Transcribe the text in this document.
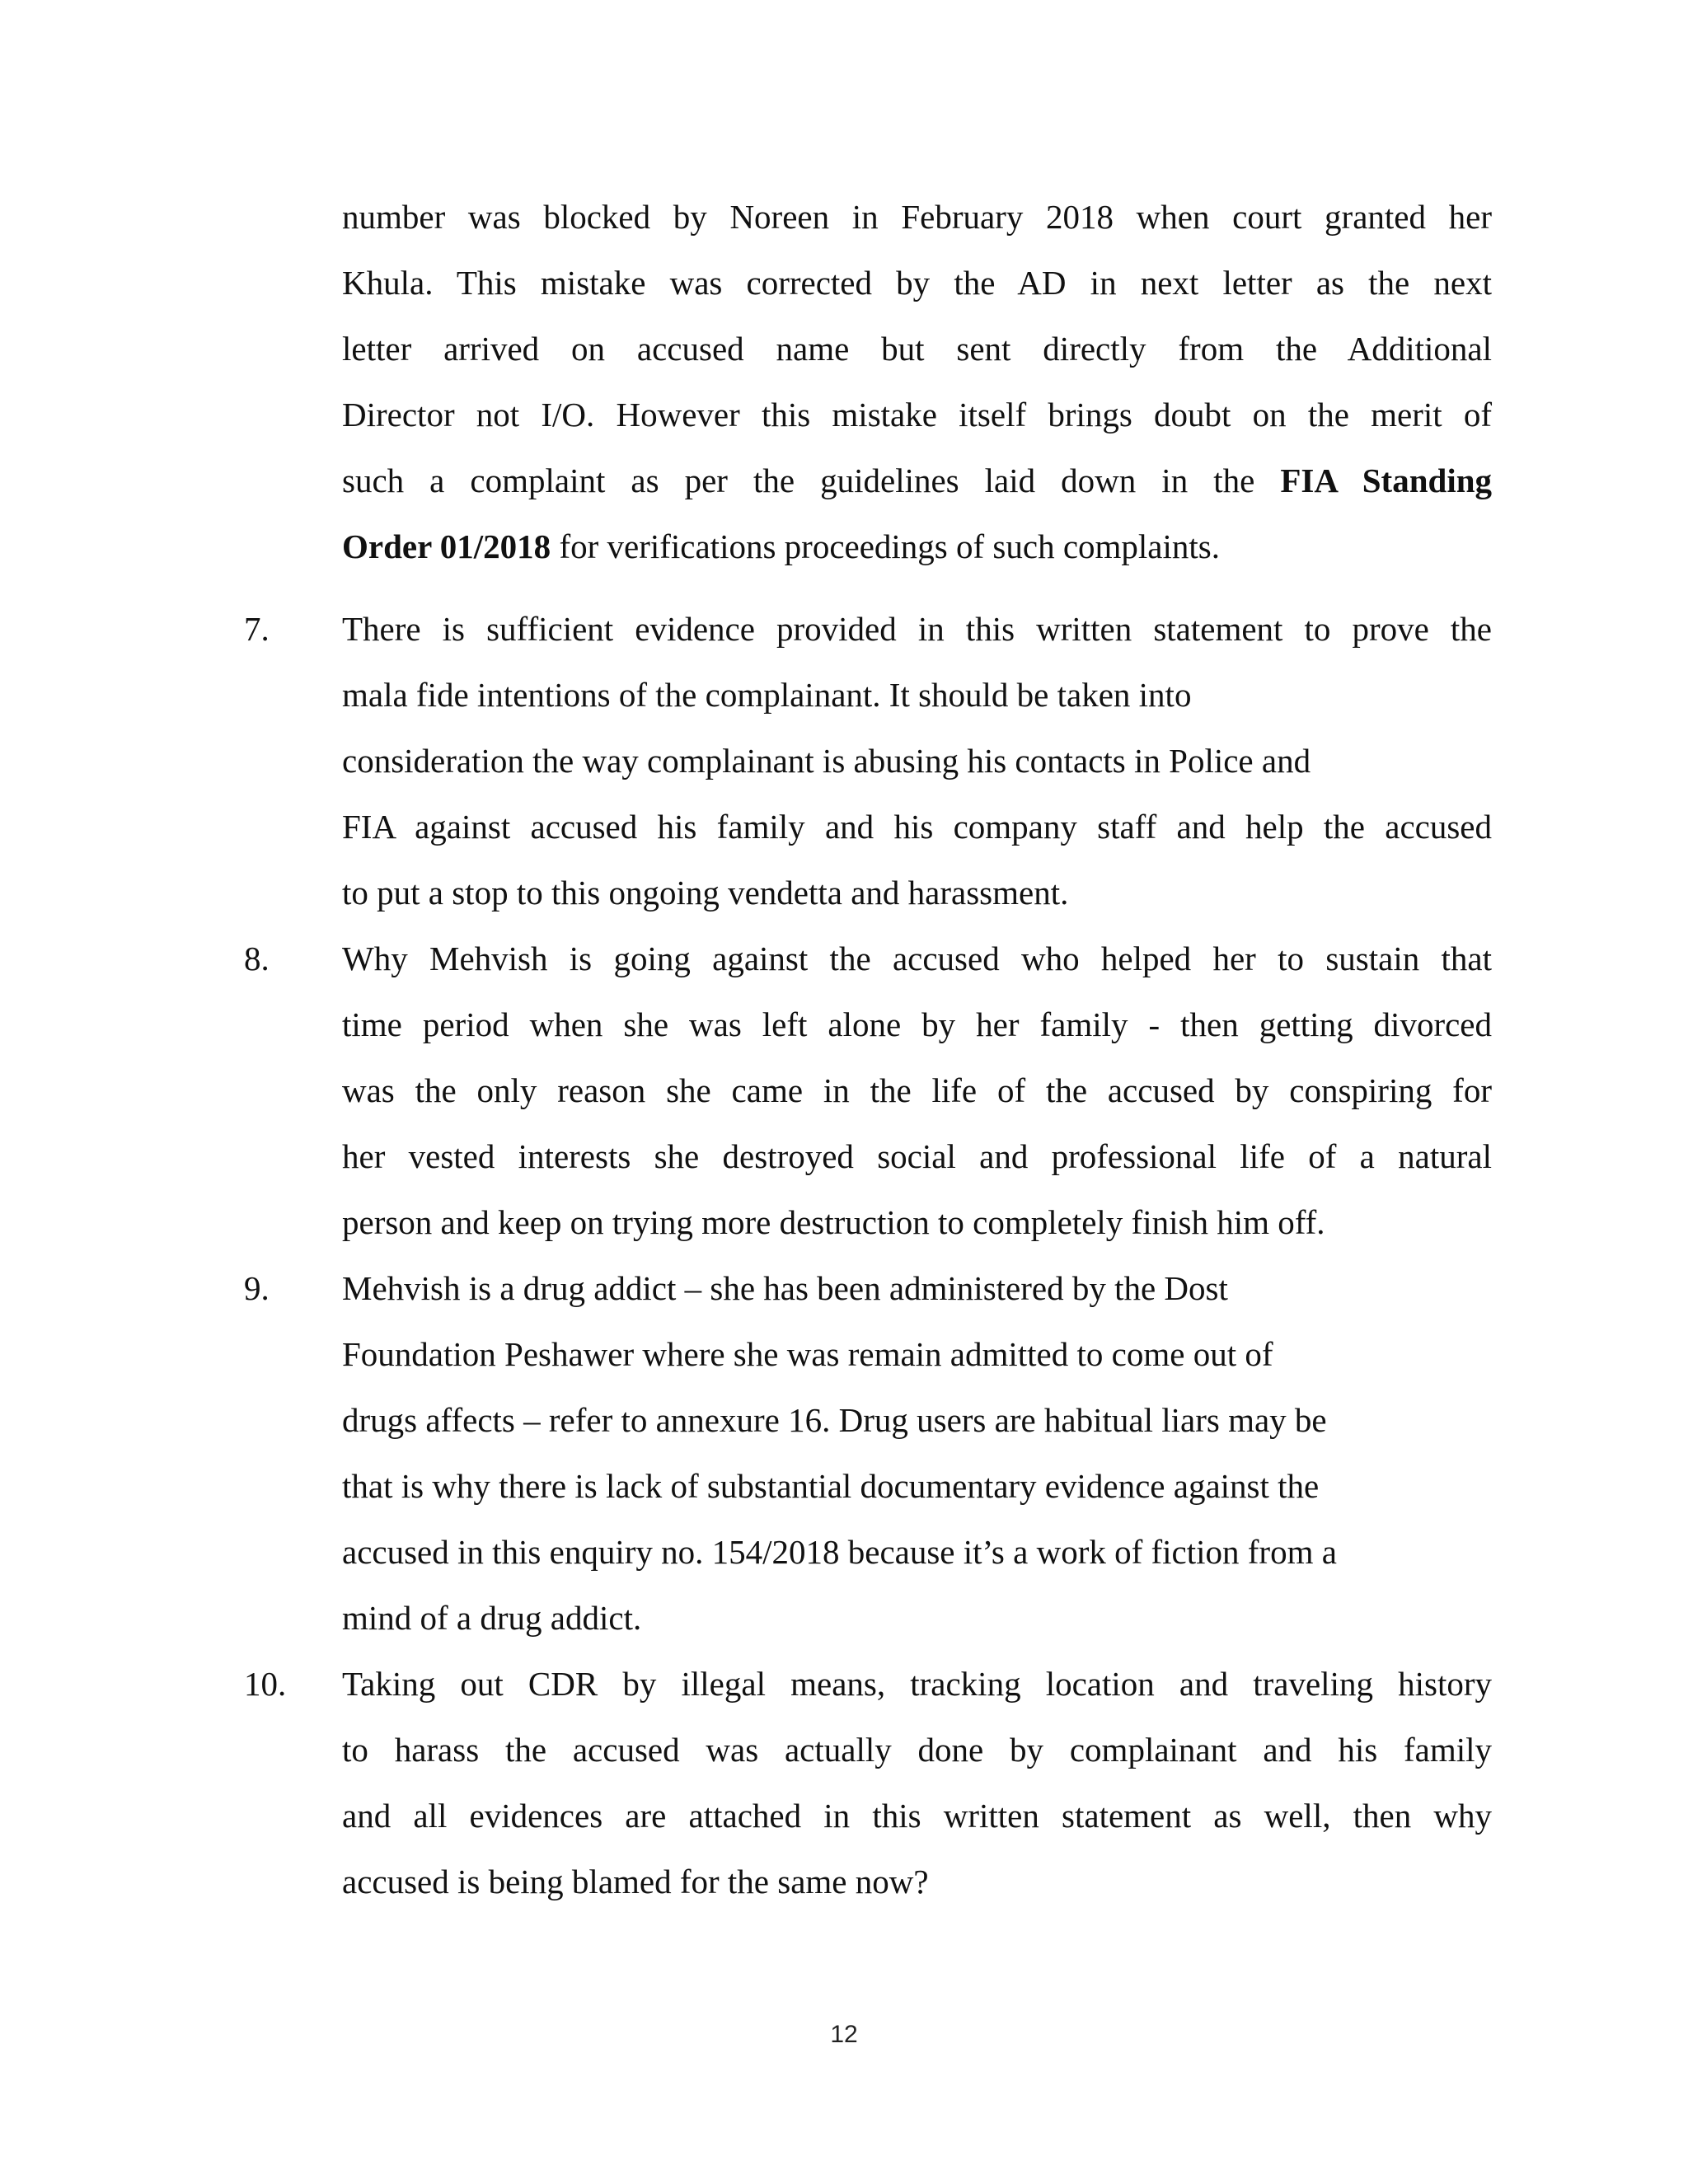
number was blocked by Noreen in February 2018 when court granted her
Khula. This mistake was corrected by the AD in next letter as the next
letter arrived on accused name but sent directly from the Additional
Director not I/O. However this mistake itself brings doubt on the merit of
such a complaint as per the guidelines laid down in the FIA Standing
Order 01/2018 for verifications proceedings of such complaints.
7. There is sufficient evidence provided in this written statement to prove the
mala fide intentions of the complainant. It should be taken into
consideration the way complainant is abusing his contacts in Police and
FIA against accused his family and his company staff and help the accused
to put a stop to this ongoing vendetta and harassment.
8. Why Mehvish is going against the accused who helped her to sustain that
time period when she was left alone by her family - then getting divorced
was the only reason she came in the life of the accused by conspiring for
her vested interests she destroyed social and professional life of a natural
person and keep on trying more destruction to completely finish him off.
9. Mehvish is a drug addict – she has been administered by the Dost
Foundation Peshawer where she was remain admitted to come out of
drugs affects – refer to annexure 16. Drug users are habitual liars may be
that is why there is lack of substantial documentary evidence against the
accused in this enquiry no. 154/2018 because it’s a work of fiction from a
mind of a drug addict.
10. Taking out CDR by illegal means, tracking location and traveling history
to harass the accused was actually done by complainant and his family
and all evidences are attached in this written statement as well, then why
accused is being blamed for the same now?
12
